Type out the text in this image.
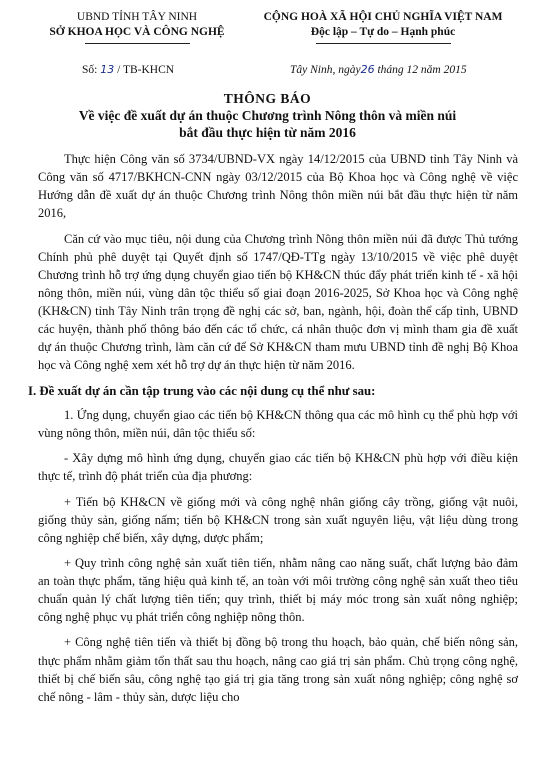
UBND TỈNH TÂY NINH
SỞ KHOA HỌC VÀ CÔNG NGHỆ
CỘNG HOÀ XÃ HỘI CHỦ NGHĨA VIỆT NAM
Độc lập – Tự do – Hạnh phúc
Số: 13 / TB-KHCN	Tây Ninh, ngày26 tháng 12 năm 2015
THÔNG BÁO
Về việc đề xuất dự án thuộc Chương trình Nông thôn và miền núi
bắt đầu thực hiện từ năm 2016

Thực hiện Công văn số 3734/UBND-VX ngày 14/12/2015 của UBND tỉnh Tây Ninh và Công văn số 4717/BKHCN-CNN ngày 03/12/2015 của Bộ Khoa học và Công nghệ về việc Hướng dẫn đề xuất dự án thuộc Chương trình Nông thôn miền núi bắt đầu thực hiện từ năm 2016,

Căn cứ vào mục tiêu, nội dung của Chương trình Nông thôn miền núi đã được Thủ tướng Chính phủ phê duyệt tại Quyết định số 1747/QĐ-TTg ngày 13/10/2015 về việc phê duyệt Chương trình hỗ trợ ứng dụng chuyển giao tiến bộ KH&CN thúc đẩy phát triển kinh tế - xã hội nông thôn, miền núi, vùng dân tộc thiểu số giai đoạn 2016-2025, Sở Khoa học và Công nghệ (KH&CN) tỉnh Tây Ninh trân trọng đề nghị các sở, ban, ngành, hội, đoàn thể cấp tỉnh, UBND các huyện, thành phố thông báo đến các tổ chức, cá nhân thuộc đơn vị mình tham gia đề xuất dự án thuộc Chương trình, làm căn cứ để Sở KH&CN tham mưu UBND tỉnh đề nghị Bộ Khoa học và Công nghệ xem xét hỗ trợ dự án thực hiện từ năm 2016.

I. Đề xuất dự án cần tập trung vào các nội dung cụ thể như sau:

1. Ứng dụng, chuyển giao các tiến bộ KH&CN thông qua các mô hình cụ thể phù hợp với vùng nông thôn, miền núi, dân tộc thiểu số:

- Xây dựng mô hình ứng dụng, chuyển giao các tiến bộ KH&CN phù hợp với điều kiện thực tế, trình độ phát triển của địa phương:

+ Tiến bộ KH&CN về giống mới và công nghệ nhân giống cây trồng, giống vật nuôi, giống thủy sản, giống nấm; tiến bộ KH&CN trong sản xuất nguyên liệu, vật liệu dùng trong công nghiệp chế biến, xây dựng, dược phẩm;

+ Quy trình công nghệ sản xuất tiên tiến, nhằm nâng cao năng suất, chất lượng bảo đảm an toàn thực phẩm, tăng hiệu quả kinh tế, an toàn với môi trường công nghệ sản xuất theo tiêu chuẩn quản lý chất lượng tiên tiến; quy trình, thiết bị máy móc trong sản xuất nông nghiệp; công nghệ phục vụ phát triển công nghiệp nông thôn.

+ Công nghệ tiên tiến và thiết bị đồng bộ trong thu hoạch, bảo quản, chế biến nông sản, thực phẩm nhằm giảm tổn thất sau thu hoạch, nâng cao giá trị sản phẩm. Chủ trọng công nghệ, thiết bị chế biến sâu, công nghệ tạo giá trị gia tăng trong sản xuất nông nghiệp; công nghệ sơ chế nông - lâm - thủy sản, dược liệu cho
